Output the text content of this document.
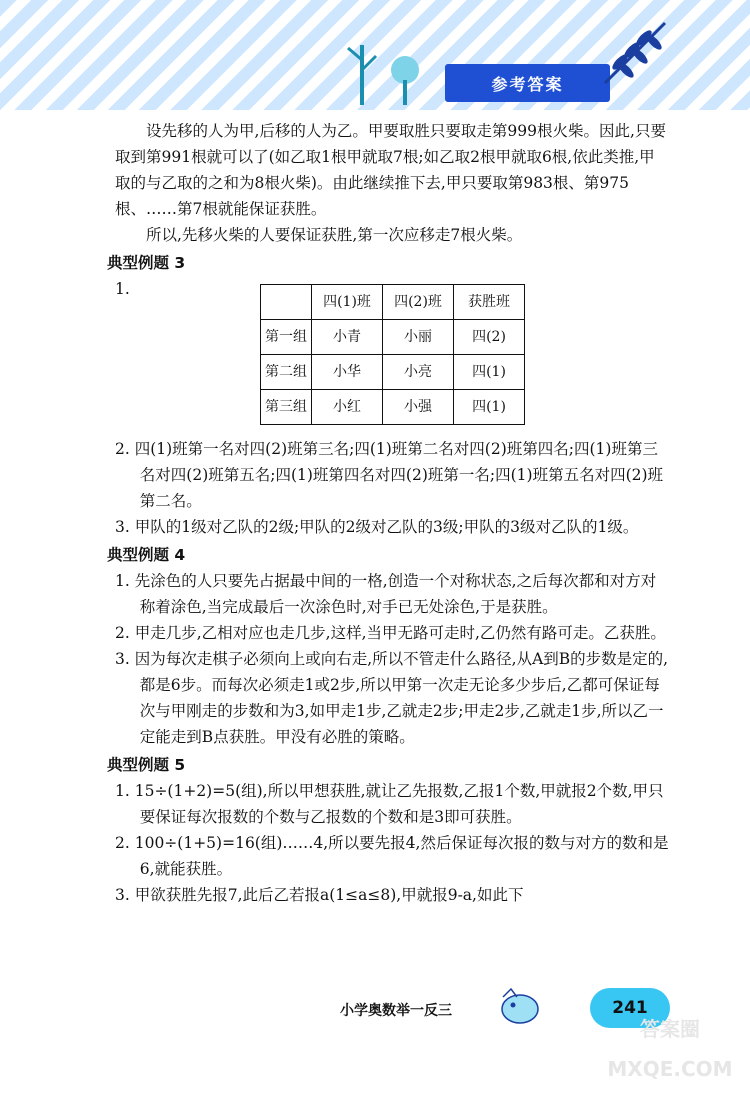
参考答案

设先移的人为甲,后移的人为乙。甲要取胜只要取走第999根火柴。因此,只要取到第991根就可以了(如乙取1根甲就取7根;如乙取2根甲就取6根,依此类推,甲取的与乙取的之和为8根火柴)。由此继续推下去,甲只要取第983根、第975根、……第7根就能保证获胜。

所以,先移火柴的人要保证获胜,第一次应移走7根火柴。

典型例题 3
1.
	四(1)班	四(2)班	获胜班
第一组	小青	小丽	四(2)
第二组	小华	小亮	四(1)
第三组	小红	小强	四(1)

2. 四(1)班第一名对四(2)班第三名;四(1)班第二名对四(2)班第四名;四(1)班第三名对四(2)班第五名;四(1)班第四名对四(2)班第一名;四(1)班第五名对四(2)班第二名。

3. 甲队的1级对乙队的2级;甲队的2级对乙队的3级;甲队的3级对乙队的1级。

典型例题 4

1. 先涂色的人只要先占据最中间的一格,创造一个对称状态,之后每次都和对方对称着涂色,当完成最后一次涂色时,对手已无处涂色,于是获胜。

2. 甲走几步,乙相对应也走几步,这样,当甲无路可走时,乙仍然有路可走。乙获胜。

3. 因为每次走棋子必须向上或向右走,所以不管走什么路径,从A到B的步数是定的,都是6步。而每次必须走1或2步,所以甲第一次走无论多少步后,乙都可保证每次与甲刚走的步数和为3,如甲走1步,乙就走2步;甲走2步,乙就走1步,所以乙一定能走到B点获胜。甲没有必胜的策略。

典型例题 5

1. 15÷(1+2)=5(组),所以甲想获胜,就让乙先报数,乙报1个数,甲就报2个数,甲只要保证每次报数的个数与乙报数的个数和是3即可获胜。

2. 100÷(1+5)=16(组)……4,所以要先报4,然后保证每次报的数与对方的数和是6,就能获胜。

3. 甲欲获胜先报7,此后乙若报a(1≤a≤8),甲就报9-a,如此下

小学奥数举一反三	241
答案圈
MXQE.COM
